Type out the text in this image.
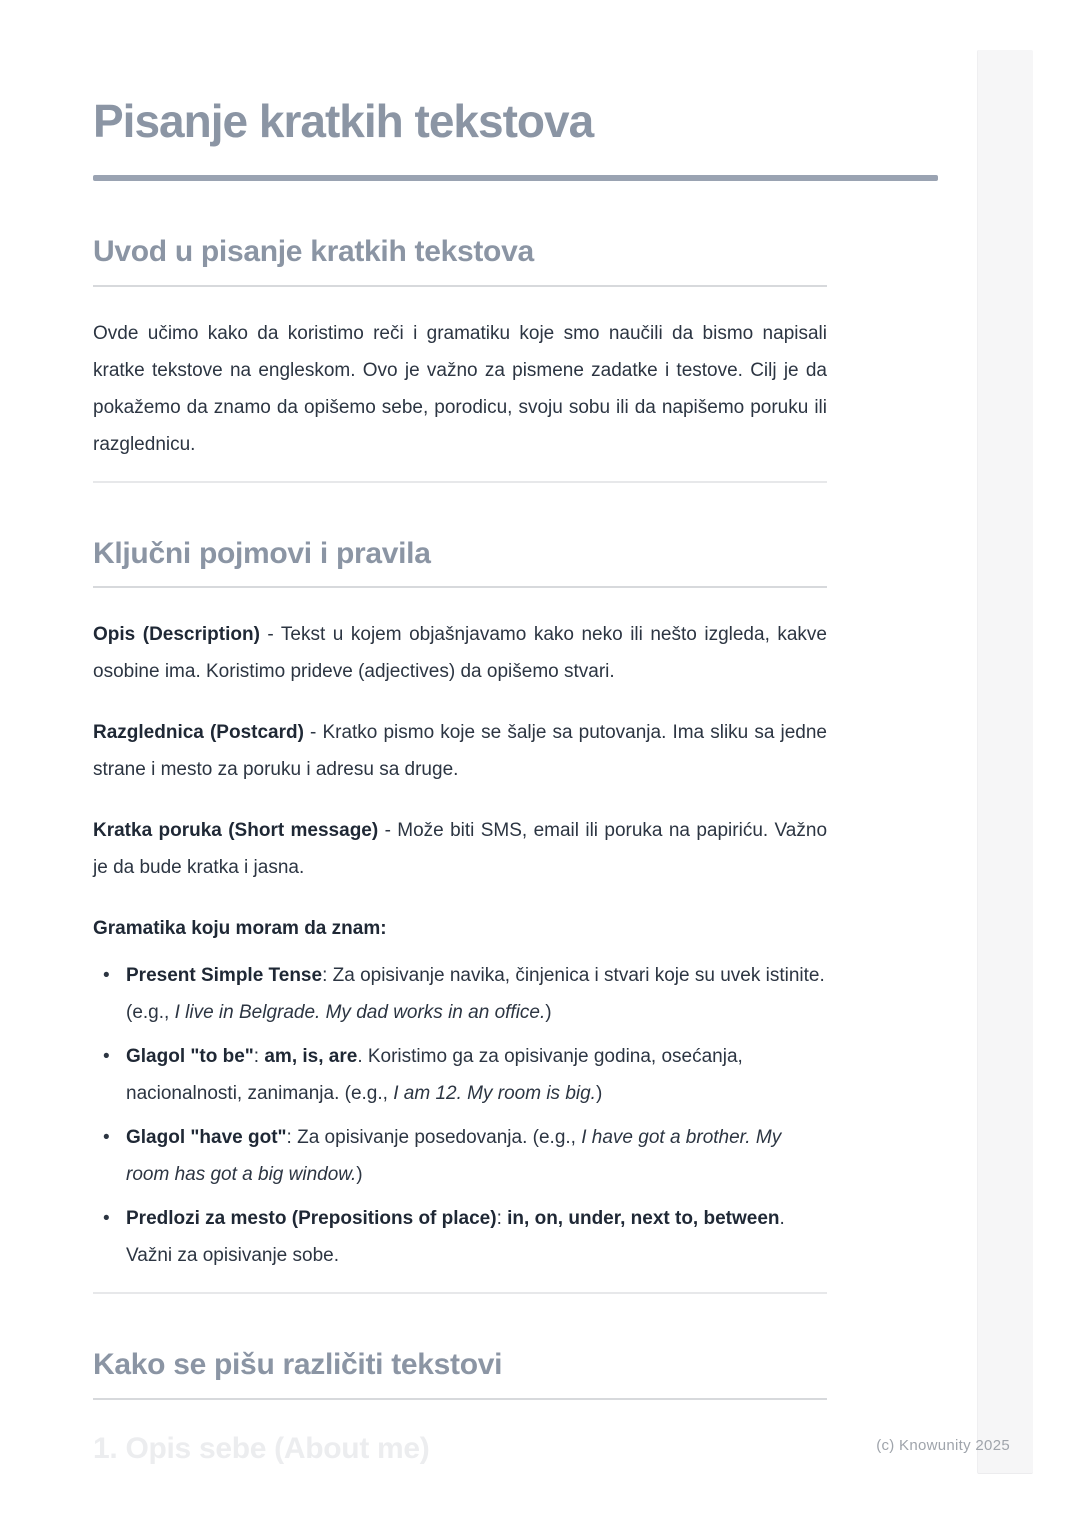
Pisanje kratkih tekstova
Uvod u pisanje kratkih tekstova

Ovde učimo kako da koristimo reči i gramatiku koje smo naučili da bismo napisali kratke tekstove na engleskom. Ovo je važno za pismene zadatke i testove. Cilj je da pokažemo da znamo da opišemo sebe, porodicu, svoju sobu ili da napišemo poruku ili razglednicu.

Ključni pojmovi i pravila

Opis (Description) - Tekst u kojem objašnjavamo kako neko ili nešto izgleda, kakve osobine ima. Koristimo prideve (adjectives) da opišemo stvari.

Razglednica (Postcard) - Kratko pismo koje se šalje sa putovanja. Ima sliku sa jedne strane i mesto za poruku i adresu sa druge.

Kratka poruka (Short message) - Može biti SMS, email ili poruka na papiriću. Važno je da bude kratka i jasna.

Gramatika koju moram da znam:

• Present Simple Tense: Za opisivanje navika, činjenica i stvari koje su uvek istinite. (e.g., I live in Belgrade. My dad works in an office.)
• Glagol "to be": am, is, are. Koristimo ga za opisivanje godina, osećanja, nacionalnosti, zanimanja. (e.g., I am 12. My room is big.)
• Glagol "have got": Za opisivanje posedovanja. (e.g., I have got a brother. My room has got a big window.)
• Predlozi za mesto (Prepositions of place): in, on, under, next to, between. Važni za opisivanje sobe.
Kako se pišu različiti tekstovi
1. Opis sebe (About me)	(c) Knowunity 2025
